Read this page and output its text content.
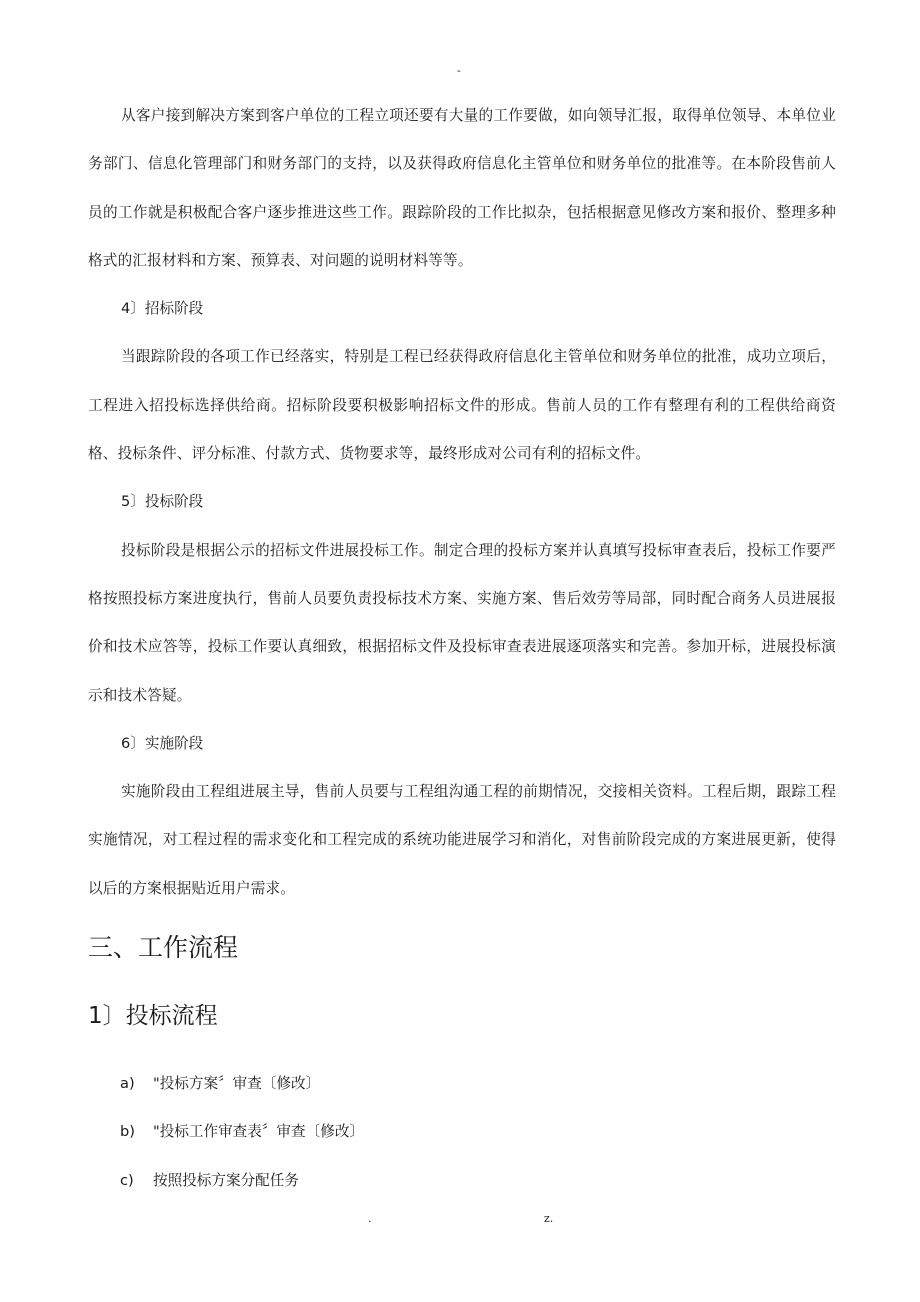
-

从客户接到解决方案到客户单位的工程立项还要有大量的工作要做，如向领导汇报，取得单位领导、本单位业务部门、信息化管理部门和财务部门的支持，以及获得政府信息化主管单位和财务单位的批准等。在本阶段售前人员的工作就是积极配合客户逐步推进这些工作。跟踪阶段的工作比拟杂，包括根据意见修改方案和报价、整理多种格式的汇报材料和方案、预算表、对问题的说明材料等等。

4〕招标阶段

当跟踪阶段的各项工作已经落实，特别是工程已经获得政府信息化主管单位和财务单位的批准，成功立项后，工程进入招投标选择供给商。招标阶段要积极影响招标文件的形成。售前人员的工作有整理有利的工程供给商资格、投标条件、评分标准、付款方式、货物要求等，最终形成对公司有利的招标文件。

5〕投标阶段

投标阶段是根据公示的招标文件进展投标工作。制定合理的投标方案并认真填写投标审查表后，投标工作要严格按照投标方案进度执行，售前人员要负责投标技术方案、实施方案、售后效劳等局部，同时配合商务人员进展报价和技术应答等，投标工作要认真细致，根据招标文件及投标审查表进展逐项落实和完善。参加开标，进展投标演示和技术答疑。

6〕实施阶段

实施阶段由工程组进展主导，售前人员要与工程组沟通工程的前期情况，交接相关资料。工程后期，跟踪工程实施情况，对工程过程的需求变化和工程完成的系统功能进展学习和消化，对售前阶段完成的方案进展更新，使得以后的方案根据贴近用户需求。

三、工作流程
1〕投标流程
a)	"投标方案〞审查〔修改〕
b)	"投标工作审查表〞审查〔修改〕
c)	按照投标方案分配任务
.	z.
